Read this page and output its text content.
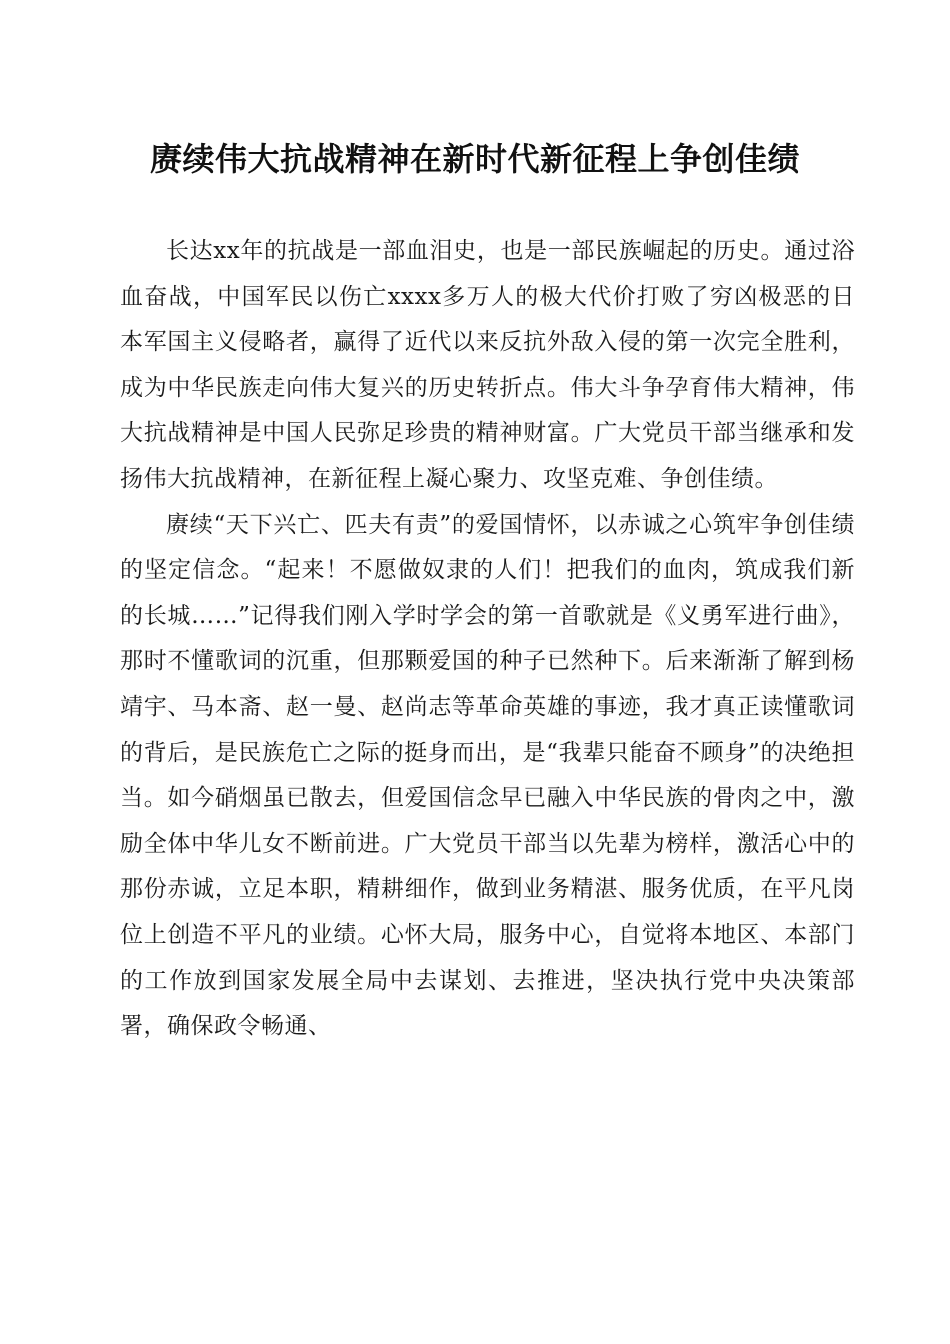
赓续伟大抗战精神在新时代新征程上争创佳绩

长达xx年的抗战是一部血泪史，也是一部民族崛起的历史。通过浴血奋战，中国军民以伤亡xxxx多万人的极大代价打败了穷凶极恶的日本军国主义侵略者，赢得了近代以来反抗外敌入侵的第一次完全胜利，成为中华民族走向伟大复兴的历史转折点。伟大斗争孕育伟大精神，伟大抗战精神是中国人民弥足珍贵的精神财富。广大党员干部当继承和发扬伟大抗战精神，在新征程上凝心聚力、攻坚克难、争创佳绩。

赓续“天下兴亡、匹夫有责”的爱国情怀，以赤诚之心筑牢争创佳绩的坚定信念。“起来！不愿做奴隶的人们！把我们的血肉，筑成我们新的长城……”记得我们刚入学时学会的第一首歌就是《义勇军进行曲》，那时不懂歌词的沉重，但那颗爱国的种子已然种下。后来渐渐了解到杨靖宇、马本斋、赵一曼、赵尚志等革命英雄的事迹，我才真正读懂歌词的背后，是民族危亡之际的挺身而出，是“我辈只能奋不顾身”的决绝担当。如今硝烟虽已散去，但爱国信念早已融入中华民族的骨肉之中，激励全体中华儿女不断前进。广大党员干部当以先辈为榜样，激活心中的那份赤诚，立足本职，精耕细作，做到业务精湛、服务优质，在平凡岗位上创造不平凡的业绩。心怀大局，服务中心，自觉将本地区、本部门的工作放到国家发展全局中去谋划、去推进，坚决执行党中央决策部署，确保政令畅通、
